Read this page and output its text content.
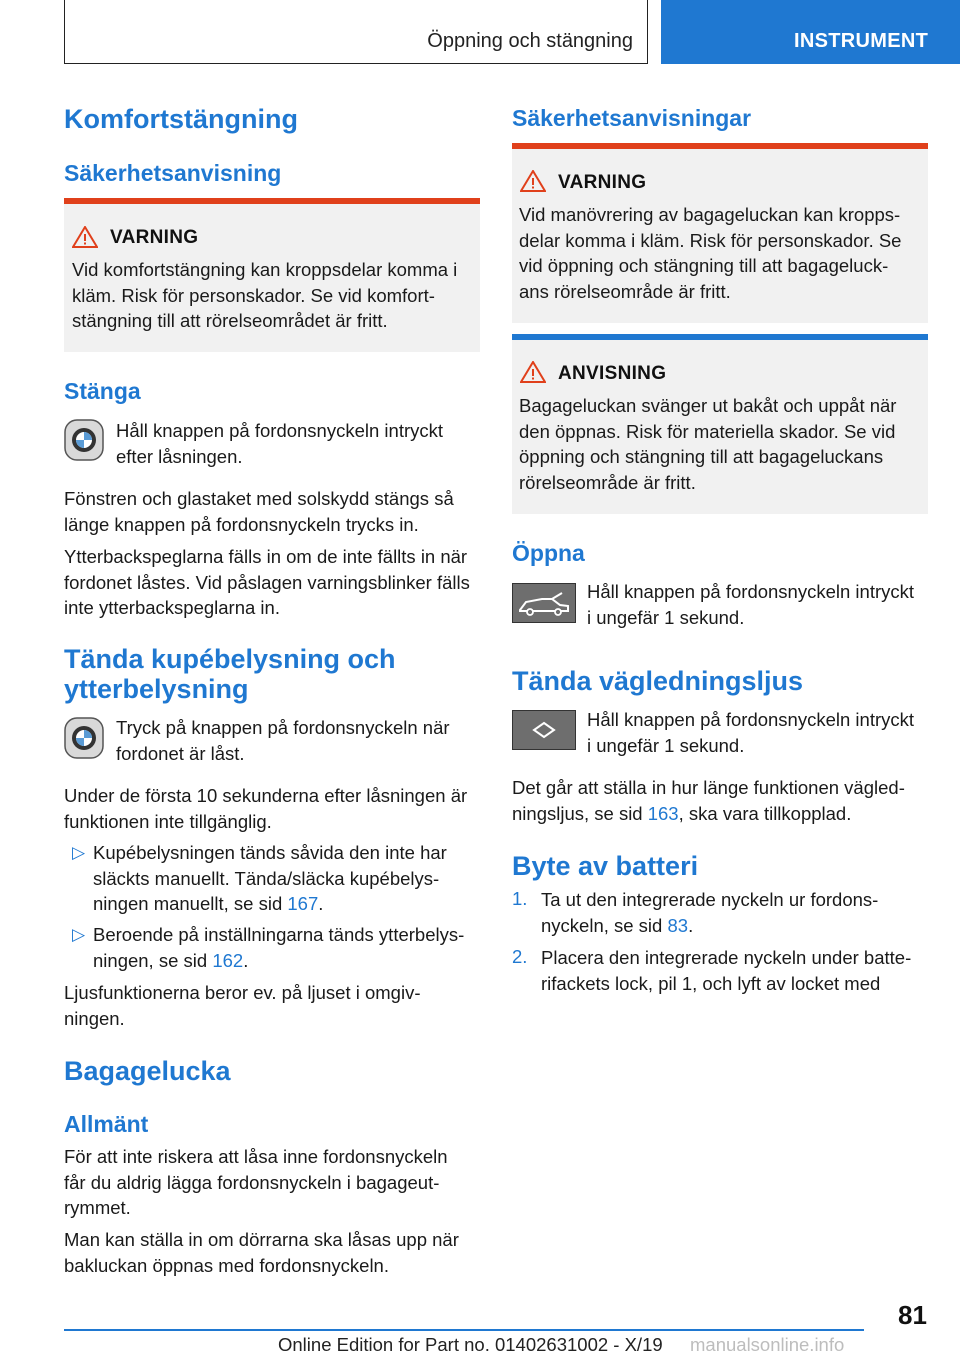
Öppning och stängning	INSTRUMENT
Komfortstängning
Säkerhetsanvisning
VARNING
Vid komfortstängning kan kroppsdelar komma i
kläm. Risk för personskador. Se vid komfort-
stängning till att rörelseområdet är fritt.
Stänga
Håll knappen på fordonsnyckeln intryckt
efter låsningen.
Fönstren och glastaket med solskydd stängs så
länge knappen på fordonsnyckeln trycks in.
Ytterbackspeglarna fälls in om de inte fällts in när
fordonet låstes. Vid påslagen varningsblinker fälls
inte ytterbackspeglarna in.
Tända kupébelysning och
ytterbelysning
Tryck på knappen på fordonsnyckeln när
fordonet är låst.
Under de första 10 sekunderna efter låsningen är
funktionen inte tillgänglig.
▷ Kupébelysningen tänds såvida den inte har
släckts manuellt. Tända/släcka kupébelys-
ningen manuellt, se sid 167.
▷ Beroende på inställningarna tänds ytterbelys-
ningen, se sid 162.
Ljusfunktionerna beror ev. på ljuset i omgiv-
ningen.
Bagagelucka
Allmänt
För att inte riskera att låsa inne fordonsnyckeln
får du aldrig lägga fordonsnyckeln i bagageut-
rymmet.
Man kan ställa in om dörrarna ska låsas upp när
bakluckan öppnas med fordonsnyckeln.
Säkerhetsanvisningar
VARNING
Vid manövrering av bagageluckan kan kropps-
delar komma i kläm. Risk för personskador. Se
vid öppning och stängning till att bagageluck-
ans rörelseområde är fritt.
ANVISNING
Bagageluckan svänger ut bakåt och uppåt när
den öppnas. Risk för materiella skador. Se vid
öppning och stängning till att bagageluckans
rörelseområde är fritt.
Öppna
Håll knappen på fordonsnyckeln intryckt
i ungefär 1 sekund.
Tända vägledningsljus
Håll knappen på fordonsnyckeln intryckt
i ungefär 1 sekund.
Det går att ställa in hur länge funktionen vägled-
ningsljus, se sid 163, ska vara tillkopplad.
Byte av batteri
1. Ta ut den integrerade nyckeln ur fordons-
nyckeln, se sid 83.
2. Placera den integrerade nyckeln under batte-
rifackets lock, pil 1, och lyft av locket med
81
Online Edition for Part no. 01402631002 - X/19 manualsonline.info
